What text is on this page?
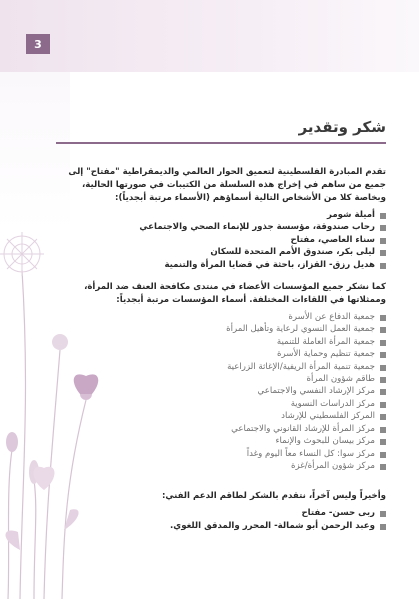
3
شكر وتقدير

تقدم المبادرة الفلسطينية لتعميق الحوار العالمي والديمقراطية "مفتاح" إلى جميع من ساهم في إخراج هذه السلسلة من الكتيبات في صورتها الحالية، وبخاصة كلا من الأشخاص التالية أسماؤهم (الأسماء مرتبة أبجدياً):

أميلة شومر
رحاب صندوقة، مؤسسة جذور للإنماء الصحي والاجتماعي
سناء العاصي، مفتاح
ليلى بكر، صندوق الأمم المتحدة للسكان
هديل رزق- القزاز، باحثة في قضايا المرأة والتنمية

كما نشكر جميع المؤسسات الأعضاء في منتدى مكافحة العنف ضد المرأة، وممثلاتها في اللقاءات المختلفة. أسماء المؤسسات مرتبة أبجدياً:

جمعية الدفاع عن الأسرة
جمعية العمل النسوي لرعاية وتأهيل المرأة
جمعية المرأة العاملة للتنمية
جمعية تنظيم وحماية الأسرة
جمعية تنمية المرأة الريفية/الإغاثة الزراعية
طاقم شؤون المرأة
مركز الإرشاد النفسي والاجتماعي
مركز الدراسات النسوية
المركز الفلسطيني للإرشاد
مركز المرأة للإرشاد القانوني والاجتماعي
مركز بيسان للبحوث والإنماء
مركز سوا: كل النساء معاً اليوم وغداً
مركز شؤون المرأة/غزة

وأخيراً وليس آخراً، نتقدم بالشكر لطاقم الدعم الفني:

ربى حسن- مفتاح
وعبد الرحمن أبو شمالة- المحرر والمدقق اللغوي.
